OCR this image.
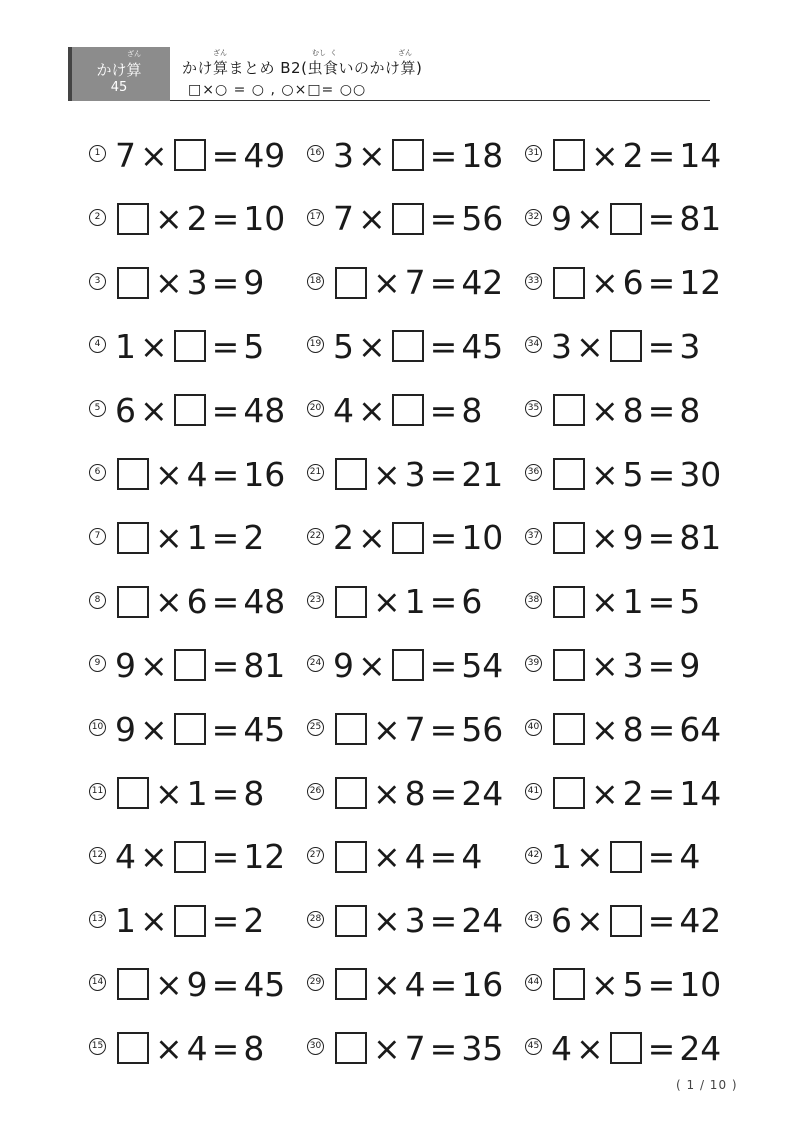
ざん
かけ算
45
ざん	むし く	ざん
かけ算まとめ B2(虫食いのかけ算)
□×○ = ○ , ○×□= ○○
1 7 × = 49
2 × 2 = 10
3 × 3 = 9
4 1 × = 5
5 6 × = 48
6 × 4 = 16
7 × 1 = 2
8 × 6 = 48
9 9 × = 81
10 9 × = 45
11 × 1 = 8
12 4 × = 12
13 1 × = 2
14 × 9 = 45
15 × 4 = 8
16 3 × = 18
17 7 × = 56
18 × 7 = 42
19 5 × = 45
20 4 × = 8
21 × 3 = 21
22 2 × = 10
23 × 1 = 6
24 9 × = 54
25 × 7 = 56
26 × 8 = 24
27 × 4 = 4
28 × 3 = 24
29 × 4 = 16
30 × 7 = 35
31 × 2 = 14
32 9 × = 81
33 × 6 = 12
34 3 × = 3
35 × 8 = 8
36 × 5 = 30
37 × 9 = 81
38 × 1 = 5
39 × 3 = 9
40 × 8 = 64
41 × 2 = 14
42 1 × = 4
43 6 × = 42
44 × 5 = 10
45 4 × = 24
( 1 / 10 )
